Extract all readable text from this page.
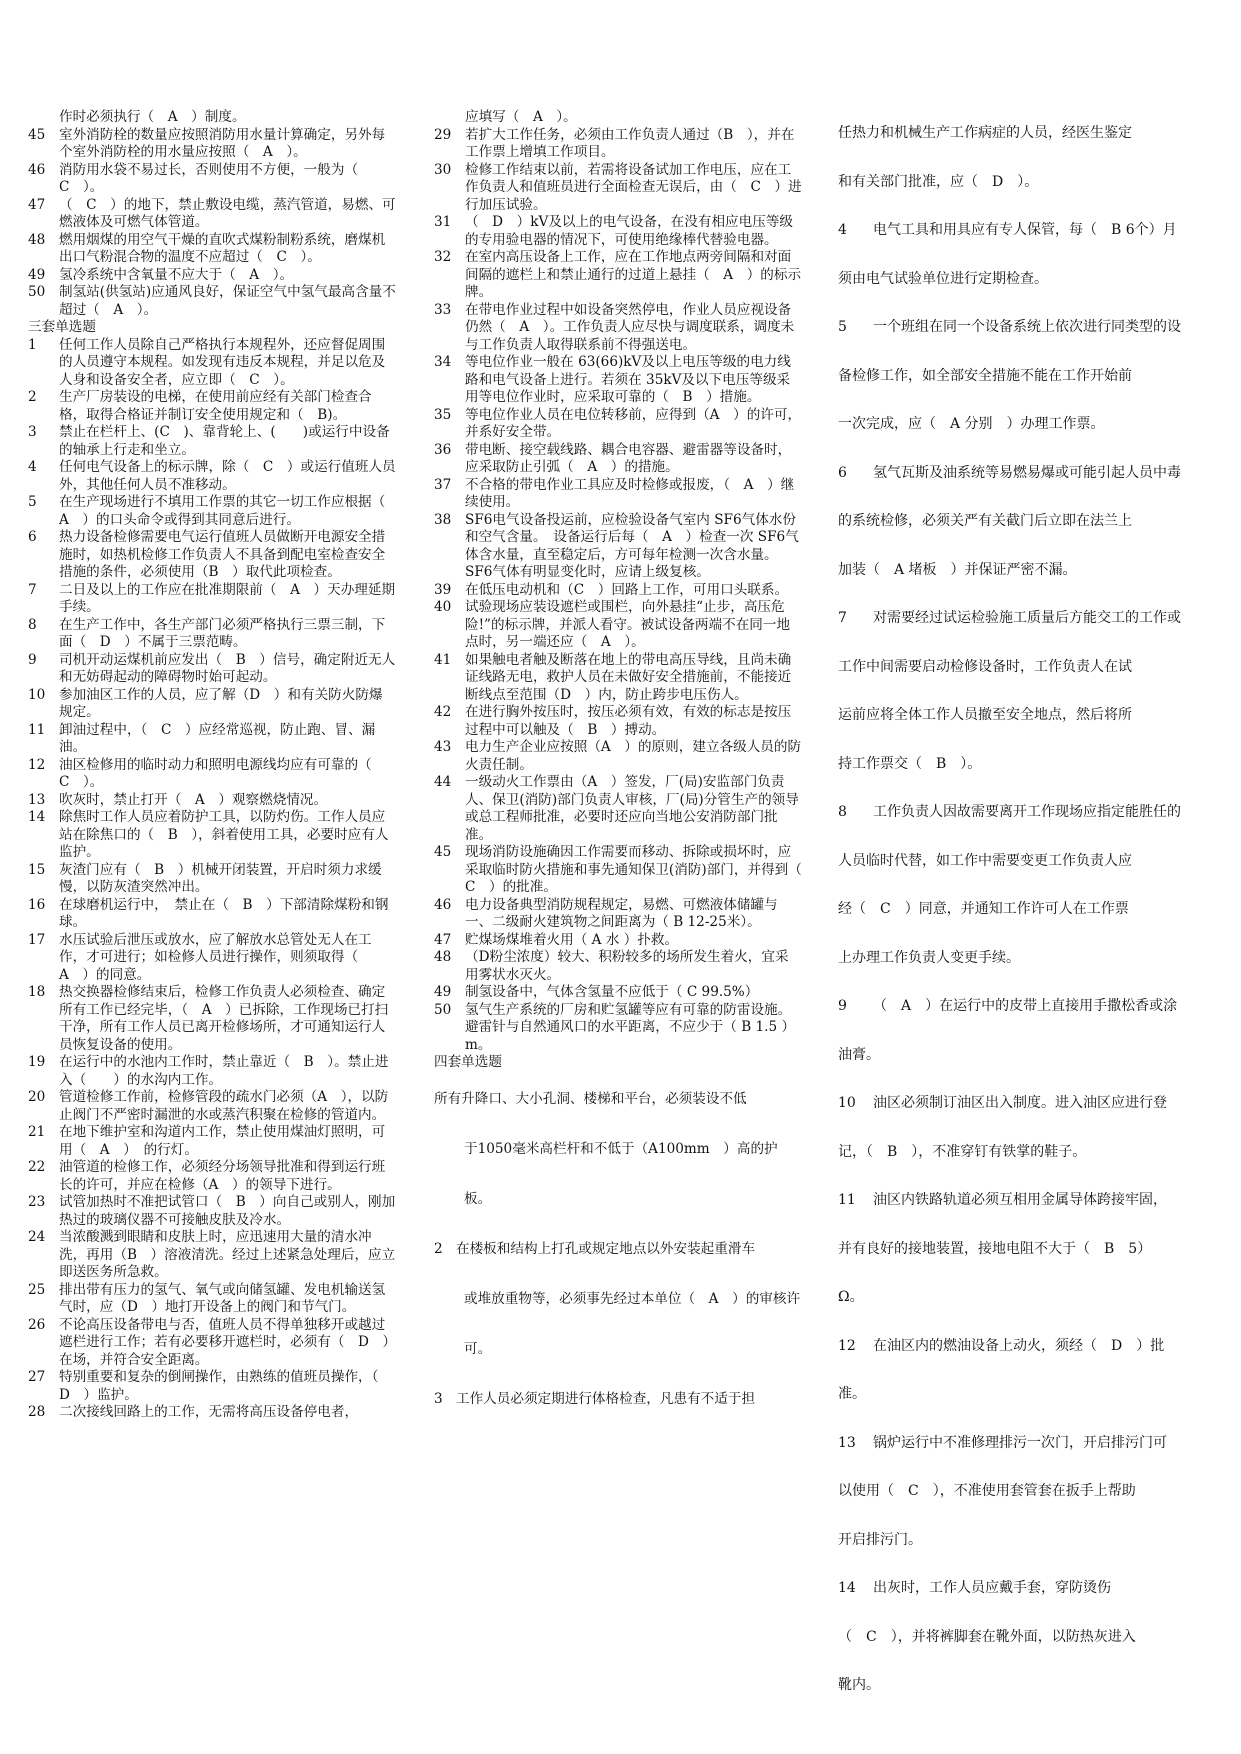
作时必须执行（　A　）制度。
45	室外消防栓的数量应按照消防用水量计算确定，另外每个室外消防栓的用水量应按照（　A　）。
46	消防用水袋不易过长，否则使用不方便，一般为（　C　）。
47	（　C　）的地下，禁止敷设电缆，蒸汽管道，易燃、可燃液体及可燃气体管道。
48	燃用烟煤的用空气干燥的直吹式煤粉制粉系统，磨煤机出口气粉混合物的温度不应超过（　C　）。
49	氢冷系统中含氧量不应大于（　A　）。
50	制氢站(供氢站)应通风良好，保证空气中氢气最高含量不超过（　A　）。
三套单选题
1	任何工作人员除自己严格执行本规程外，还应督促周围的人员遵守本规程。如发现有违反本规程，并足以危及人身和设备安全者，应立即（　C　）。
2	生产厂房装设的电梯，在使用前应经有关部门检查合格，取得合格证并制订安全使用规定和（　B)。
3	禁止在栏杆上、(C　)、靠背轮上、(　　)或运行中设备的轴承上行走和坐立。
4	任何电气设备上的标示牌，除（　C　）或运行值班人员外，其他任何人员不准移动。
5	在生产现场进行不填用工作票的其它一切工作应根据（　A　）的口头命令或得到其同意后进行。
6	热力设备检修需要电气运行值班人员做断开电源安全措施时，如热机检修工作负责人不具备到配电室检查安全措施的条件，必须使用（B　）取代此项检查。
7	二日及以上的工作应在批准期限前（　A　）天办理延期手续。
8	在生产工作中，各生产部门必须严格执行三票三制，下面（　D　）不属于三票范畴。
9	司机开动运煤机前应发出（　B　）信号，确定附近无人和无妨碍起动的障碍物时始可起动。
10	参加油区工作的人员，应了解（D　）和有关防火防爆规定。
11	卸油过程中，（　C　）应经常巡视，防止跑、冒、漏油。
12	油区检修用的临时动力和照明电源线均应有可靠的（　C　）。
13	吹灰时，禁止打开（　A　）观察燃烧情况。
14	除焦时工作人员应着防护工具，以防灼伤。工作人员应站在除焦口的（　B　），斜着使用工具，必要时应有人监护。
15	灰渣门应有（　B　）机械开闭装置，开启时须力求缓慢，以防灰渣突然冲出。
16	在球磨机运行中，　禁止在（　B　）下部清除煤粉和钢球。
17	水压试验后泄压或放水，应了解放水总管处无人在工作，才可进行；如检修人员进行操作，则须取得（　A　）的同意。
18	热交换器检修结束后，检修工作负责人必须检查、确定所有工作已经完毕，（　A　）已拆除，工作现场已打扫干净，所有工作人员已离开检修场所，才可通知运行人员恢复设备的使用。
19	在运行中的水池内工作时，禁止靠近（　B　）。禁止进入（　　）的水沟内工作。
20	管道检修工作前，检修管段的疏水门必须（A　），以防止阀门不严密时漏泄的水或蒸汽积聚在检修的管道内。
21	在地下维护室和沟道内工作，禁止使用煤油灯照明，可用（　A　）　的行灯。
22	油管道的检修工作，必须经分场领导批准和得到运行班长的许可，并应在检修（A　）的领导下进行。
23	试管加热时不准把试管口（　B　）向自己或别人，刚加热过的玻璃仪器不可接触皮肤及冷水。
24	当浓酸溅到眼睛和皮肤上时，应迅速用大量的清水冲洗，再用（B　）溶液清洗。经过上述紧急处理后，应立即送医务所急救。
25	排出带有压力的氢气、氧气或向储氢罐、发电机输送氢气时，应（D　）地打开设备上的阀门和节气门。
26	不论高压设备带电与否，值班人员不得单独移开或越过遮栏进行工作；若有必要移开遮栏时，必须有（　D　）在场，并符合安全距离。
27	特别重要和复杂的倒闸操作，由熟练的值班员操作，（　D　）监护。
28	二次接线回路上的工作，无需将高压设备停电者，
应填写（　A　）。
29	若扩大工作任务，必须由工作负责人通过（B　），并在工作票上增填工作项目。
30	检修工作结束以前，若需将设备试加工作电压，应在工作负责人和值班员进行全面检查无误后，由（　C　）进行加压试验。
31	（　D　）kV及以上的电气设备，在没有相应电压等级的专用验电器的情况下，可使用绝缘棒代替验电器。
32	在室内高压设备上工作，应在工作地点两旁间隔和对面间隔的遮栏上和禁止通行的过道上悬挂（　A　）的标示牌。
33	在带电作业过程中如设备突然停电，作业人员应视设备仍然（　A　）。工作负责人应尽快与调度联系，调度未与工作负责人取得联系前不得强送电。
34	等电位作业一般在 63(66)kV及以上电压等级的电力线路和电气设备上进行。若须在 35kV及以下电压等级采用等电位作业时，应采取可靠的（　B　）措施。
35	等电位作业人员在电位转移前，应得到（A　）的许可，并系好安全带。
36	带电断、接空载线路、耦合电容器、避雷器等设备时，应采取防止引弧（　A　）的措施。
37	不合格的带电作业工具应及时检修或报废，（　A　）继续使用。
38	SF6电气设备投运前，应检验设备气室内 SF6气体水份和空气含量。　设备运行后每（　A　）检查一次 SF6气体含水量，直至稳定后，方可每年检测一次含水量。SF6气体有明显变化时，应请上级复核。
39	在低压电动机和（C　）回路上工作，可用口头联系。
40	试验现场应装设遮栏或围栏，向外悬挂“止步，高压危险!”的标示牌，并派人看守。被试设备两端不在同一地点时，另一端还应（　A　）。
41	如果触电者触及断落在地上的带电高压导线，且尚未确证线路无电，救护人员在未做好安全措施前，不能接近断线点至范围（D　）内，防止跨步电压伤人。
42	在进行胸外按压时，按压必须有效，有效的标志是按压过程中可以触及（　B　）搏动。
43	电力生产企业应按照（A　）的原则，建立各级人员的防火责任制。
44	一级动火工作票由（A　）签发，厂(局)安监部门负责人、保卫(消防)部门负责人审核，厂(局)分管生产的领导或总工程师批准，必要时还应向当地公安消防部门批准。
45	现场消防设施确因工作需要而移动、拆除或损坏时，应采取临时防火措施和事先通知保卫(消防)部门，并得到（　C　）的批准。
46	电力设备典型消防规程规定，易燃、可燃液体储罐与一、二级耐火建筑物之间距离为（ B 12-25米）。
47	贮煤场煤堆着火用（ A 水 ）扑救。
48	（D粉尘浓度）较大、积粉较多的场所发生着火，宜采用雾状水灭火。
49	制氢设备中，气体含氢量不应低于（ C 99.5%）
50	氢气生产系统的厂房和贮氢罐等应有可靠的防雷设施。避雷针与自然通风口的水平距离，不应少于（ B 1.5 ）m。
四套单选题
所有升降口、大小孔洞、楼梯和平台，必须装设不低
于1050毫米高栏杆和不低于（A100mm　）高的护板。
2 在楼板和结构上打孔或规定地点以外安装起重滑车
或堆放重物等，必须事先经过本单位（　A　）的审核许可。
3 工作人员必须定期进行体格检查，凡患有不适于担
任热力和机械生产工作病症的人员，经医生鉴定
和有关部门批准，应（　D　）。
4	电气工具和用具应有专人保管，每（　B 6个）月
须由电气试验单位进行定期检查。
5	一个班组在同一个设备系统上依次进行同类型的设
备检修工作，如全部安全措施不能在工作开始前
一次完成，应（　A 分别　）办理工作票。
6	氢气瓦斯及油系统等易燃易爆或可能引起人员中毒
的系统检修，必须关严有关截门后立即在法兰上
加装（　A 堵板　）并保证严密不漏。
7	对需要经过试运检验施工质量后方能交工的工作或
工作中间需要启动检修设备时，工作负责人在试
运前应将全体工作人员撤至安全地点，然后将所
持工作票交（　B　）。
8	工作负责人因故需要离开工作现场应指定能胜任的
人员临时代替，如工作中需要变更工作负责人应
经（　C　）同意，并通知工作许可人在工作票
上办理工作负责人变更手续。
9	（　A　）在运行中的皮带上直接用手撒松香或涂
油膏。
10	油区必须制订油区出入制度。进入油区应进行登
记，（　B　），不准穿钉有铁掌的鞋子。
11	油区内铁路轨道必须互相用金属导体跨接牢固，
并有良好的接地装置，接地电阻不大于（　B　5）
Ω。
12	在油区内的燃油设备上动火，须经（　D　）批
准。
13	锅炉运行中不准修理排污一次门，开启排污门可
以使用（　C　），不准使用套管套在扳手上帮助
开启排污门。
14	出灰时，工作人员应戴手套，穿防烫伤
（　C　），并将裤脚套在靴外面，以防热灰进入
靴内。
